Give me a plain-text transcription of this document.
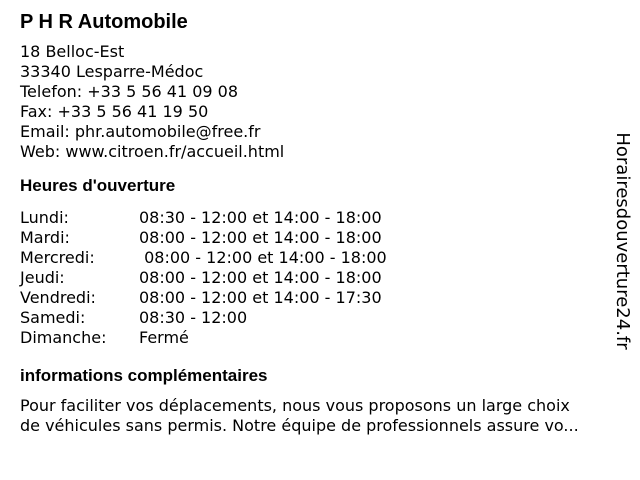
P H R Automobile
18 Belloc-Est
33340 Lesparre-Médoc
Telefon: +33 5 56 41 09 08
Fax: +33 5 56 41 19 50
Email: phr.automobile@free.fr
Web: www.citroen.fr/accueil.html
Heures d'ouverture
Lundi:	08:30 - 12:00 et 14:00 - 18:00
Mardi:	08:00 - 12:00 et 14:00 - 18:00
Mercredi:	08:00 - 12:00 et 14:00 - 18:00
Jeudi:	08:00 - 12:00 et 14:00 - 18:00
Vendredi:	08:00 - 12:00 et 14:00 - 17:30
Samedi:	08:30 - 12:00
Dimanche:	Fermé
informations complémentaires
Pour faciliter vos déplacements, nous vous proposons un large choix
de véhicules sans permis. Notre équipe de professionnels assure vo...
Horairesdouverture24.fr
